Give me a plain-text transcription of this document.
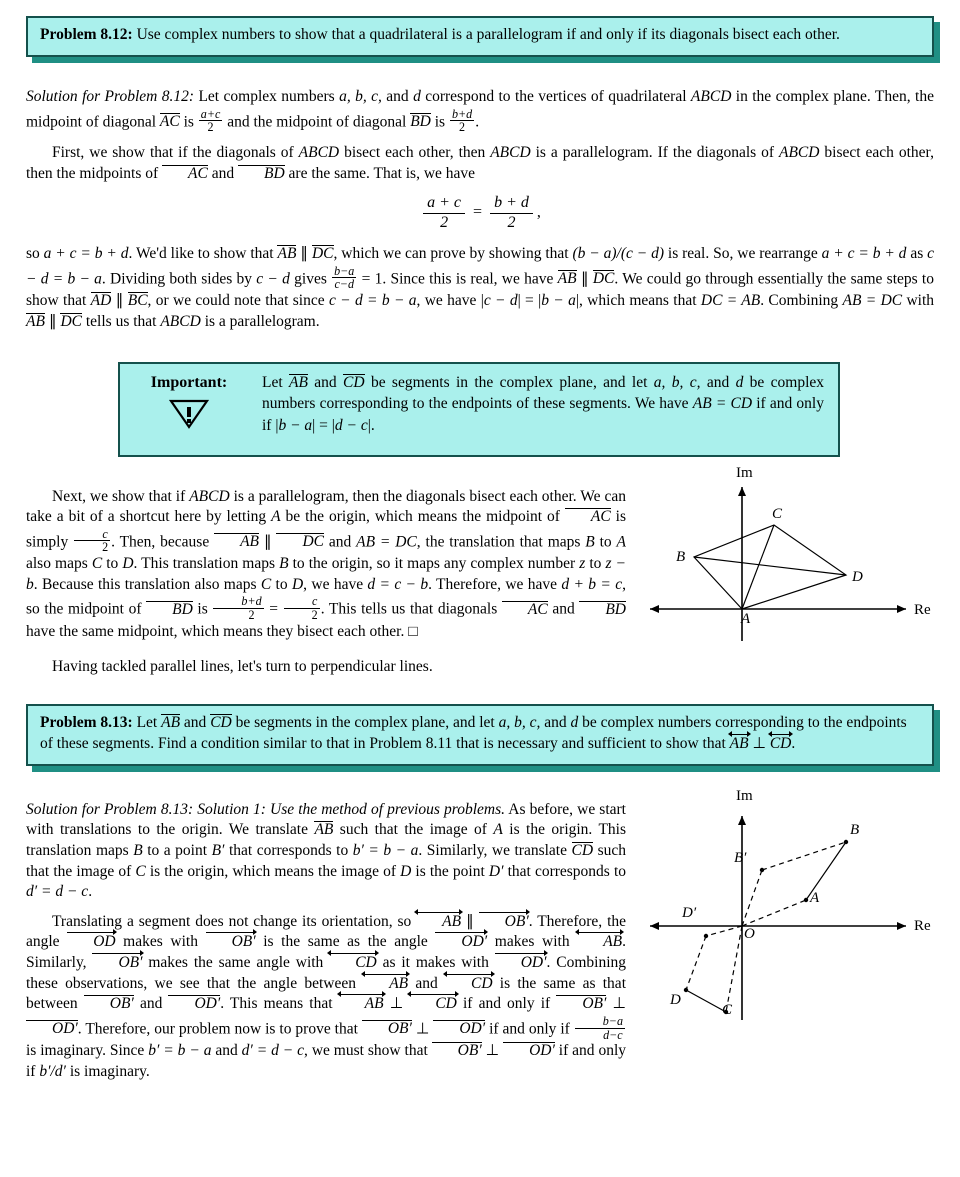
Problem 8.12: Use complex numbers to show that a quadrilateral is a parallelogram if and only if its diagonals bisect each other.

Solution for Problem 8.12: Let complex numbers a, b, c, and d correspond to the vertices of quadrilateral ABCD in the complex plane. Then, the midpoint of diagonal AC is $\frac{a+c}{2}$ and the midpoint of diagonal BD is $\frac{b+d}{2}$ .

First, we show that if the diagonals of ABCD bisect each other, then ABCD is a parallelogram. If the diagonals of ABCD bisect each other, then the midpoints of AC and BD are the same. That is, we have

$\frac{a + c}{2} = \frac{b + d}{2}$ ,

so a + c = b + d. We'd like to show that AB ∥ DC, which we can prove by showing that (b − a)/(c − d) is real. So, we rearrange a + c = b + d as c − d = b − a. Dividing both sides by c − d gives $\frac{b-a}{c-d} = 1$. Since this is real, we have AB ∥ DC. We could go through essentially the same steps to show that AD ∥ BC, or we could note that since c − d = b − a, we have |c − d| = |b − a|, which means that DC = AB. Combining AB = DC with AB ∥ DC tells us that ABCD is a parallelogram.

Important:	Let AB and CD be segments in the complex plane, and let a, b, c, and d be complex numbers corresponding to the endpoints of these segments. We have AB = CD if and only if |b − a| = |d − c|.

Next, we show that if ABCD is a parallelogram, then the diagonals bisect each other. We can take a bit of a shortcut here by letting A be the origin, which means the midpoint of AC is simply $\frac{c}{2}$ . Then, because AB ∥ DC and AB = DC, the translation that maps B to A also maps C to D. This translation maps B to the origin, so it maps any complex number z to z − b. Because this translation also maps C to D, we have d = c − b. Therefore, we have d + b = c, so the midpoint of BD is $\frac{b+d}{2} = \frac{c}{2}$ . This tells us that diagonals AC and BD have the same midpoint, which means they bisect each other. □

Im
Re
A
B
C
D

Having tackled parallel lines, let's turn to perpendicular lines.

Problem 8.13: Let AB and CD be segments in the complex plane, and let a, b, c, and d be complex numbers corresponding to the endpoints of these segments. Find a condition similar to that in Problem 8.11 that is necessary and sufficient to show that
AB ⊥
CD.

Solution for Problem 8.13: Solution 1: Use the method of previous problems. As before, we start with translations to the origin. We translate AB such that the image of A is the origin. This translation maps B to a point B′ that corresponds to b′ = b − a. Similarly, we translate CD such that the image of C is the origin, which means the image of D is the point D′ that corresponds to d′ = d − c.

Translating a segment does not change its orientation, so
AB ∥ OB′. Therefore, the angle OD makes with OB′ is the same as the angle OD′ makes with
AB. Similarly, OB′ makes the same angle with
CD as it makes with OD′. Combining these observations, we see that the angle between
AB and
CD is the same as that between OB′ and OD′. This means that
AB ⊥
CD if and only if OB′ ⊥ OD′. Therefore, our problem now is to prove that OB′ ⊥ OD′ if and only if $\frac{b-a}{d-c}$
is imaginary. Since b′ = b − a and d′ = d − c, we must show that OB′ ⊥ OD′ if and only if b′/d′ is imaginary.

Im
Re
B
B′
A
D′
O
D
C
